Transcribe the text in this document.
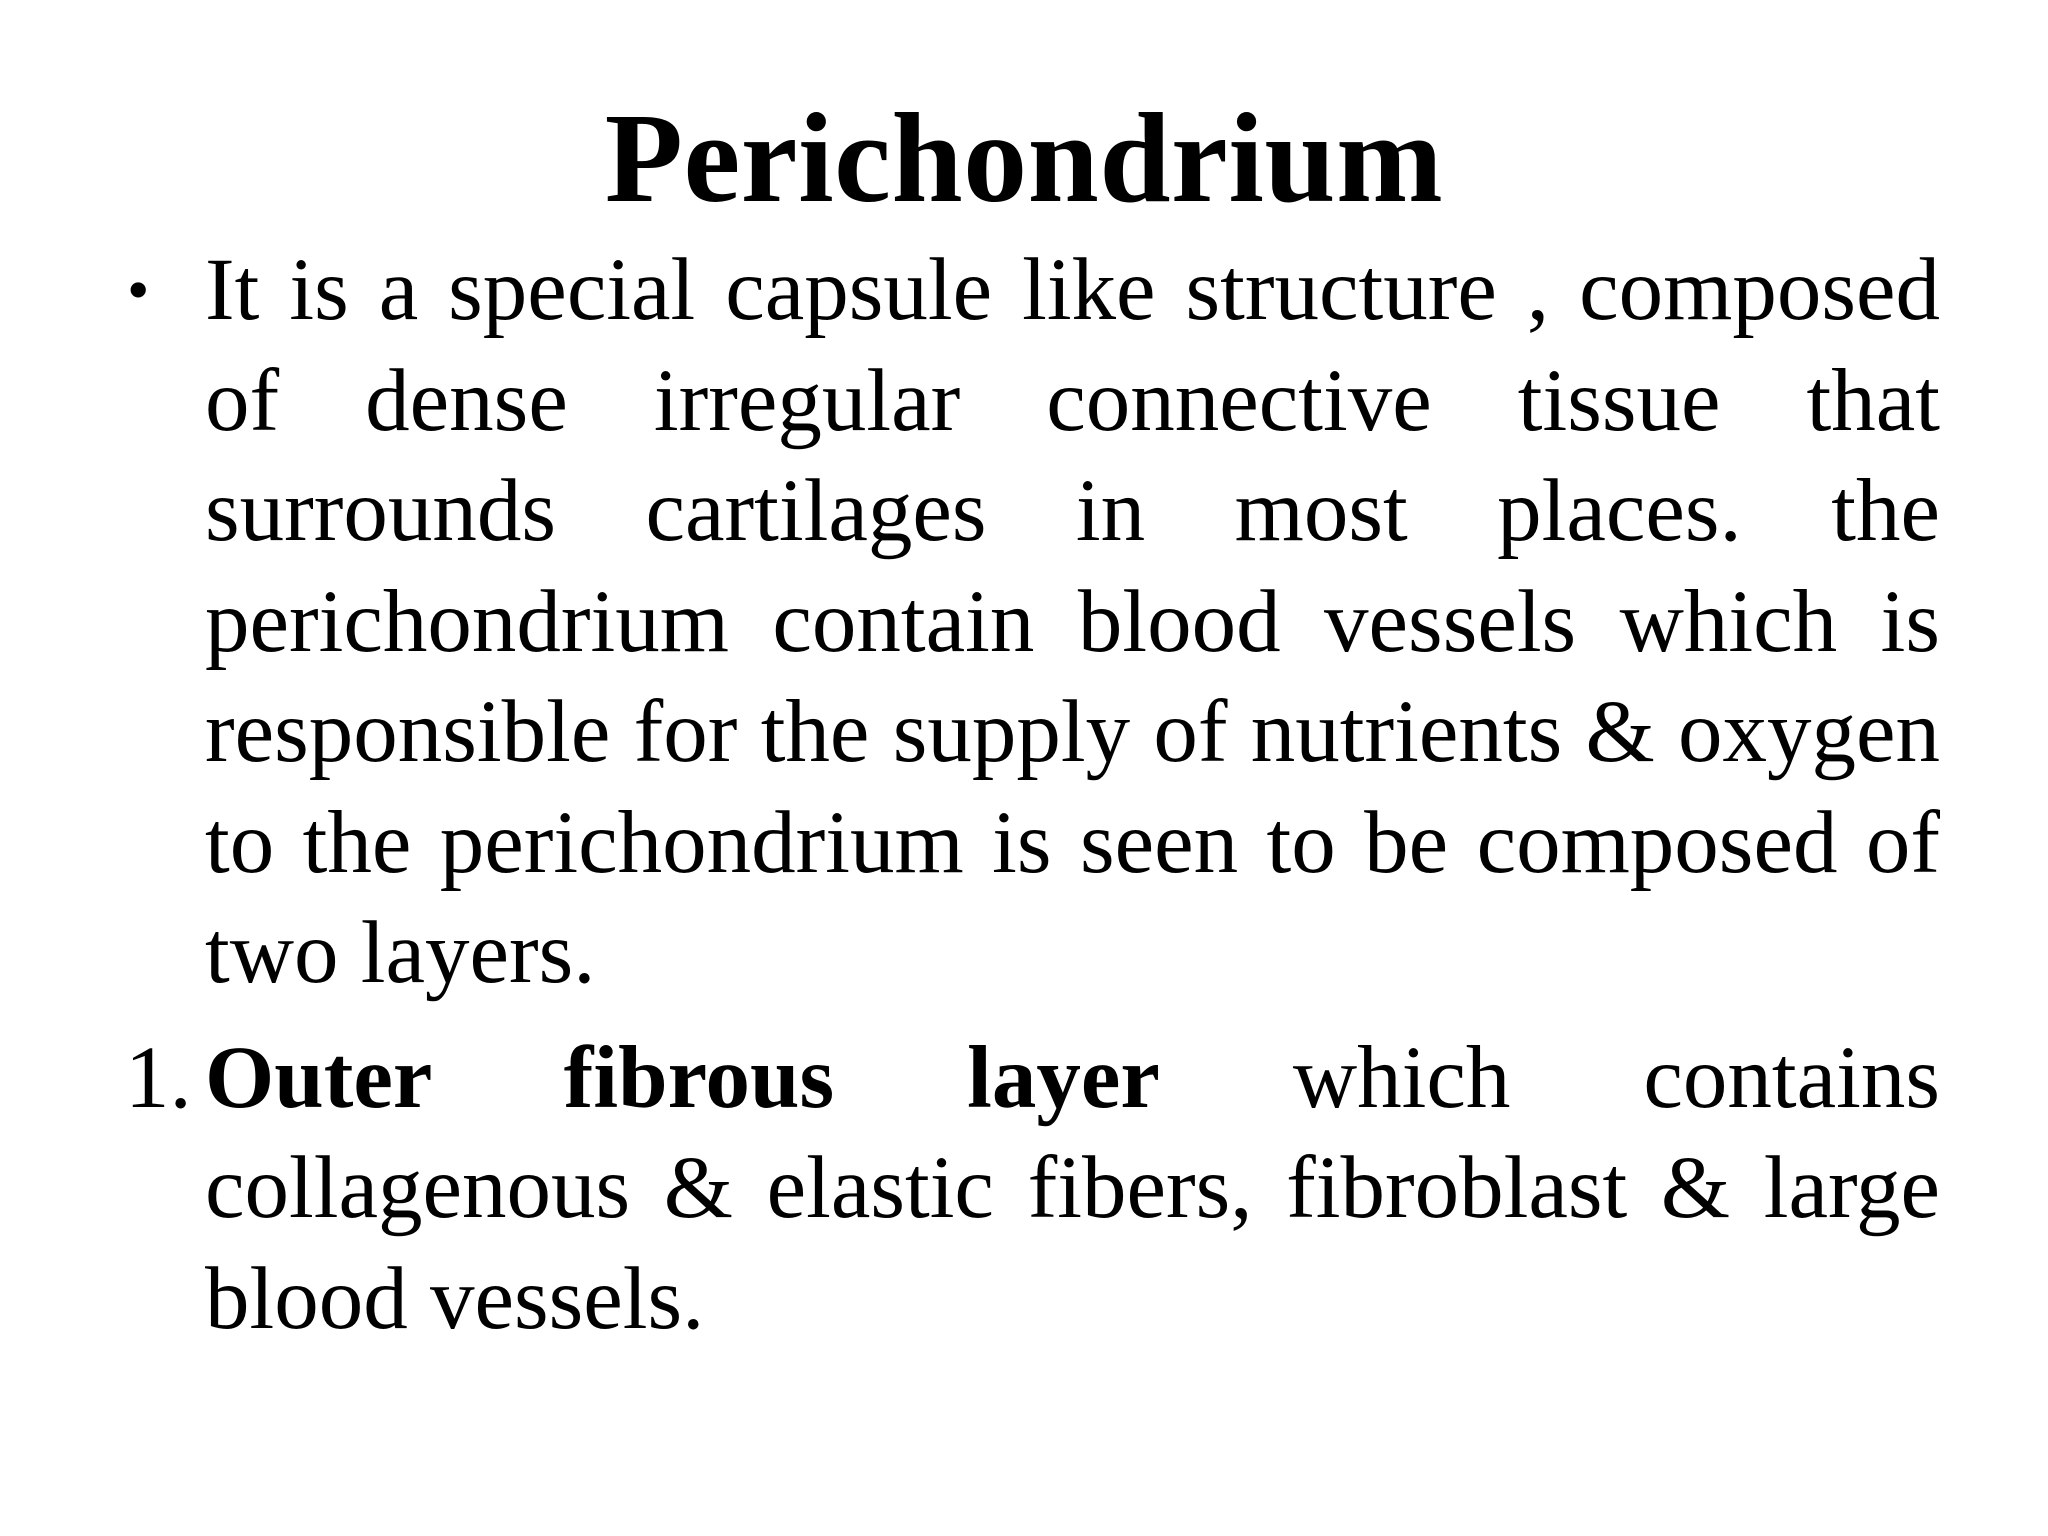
Perichondrium
• It is a special capsule like structure , composed of dense irregular connective tissue that surrounds cartilages in most places. the perichondrium contain blood vessels which is responsible for the supply of nutrients & oxygen to the perichondrium is seen to be composed of two layers.
1. Outer fibrous layer which contains collagenous & elastic fibers, fibroblast & large blood vessels.
